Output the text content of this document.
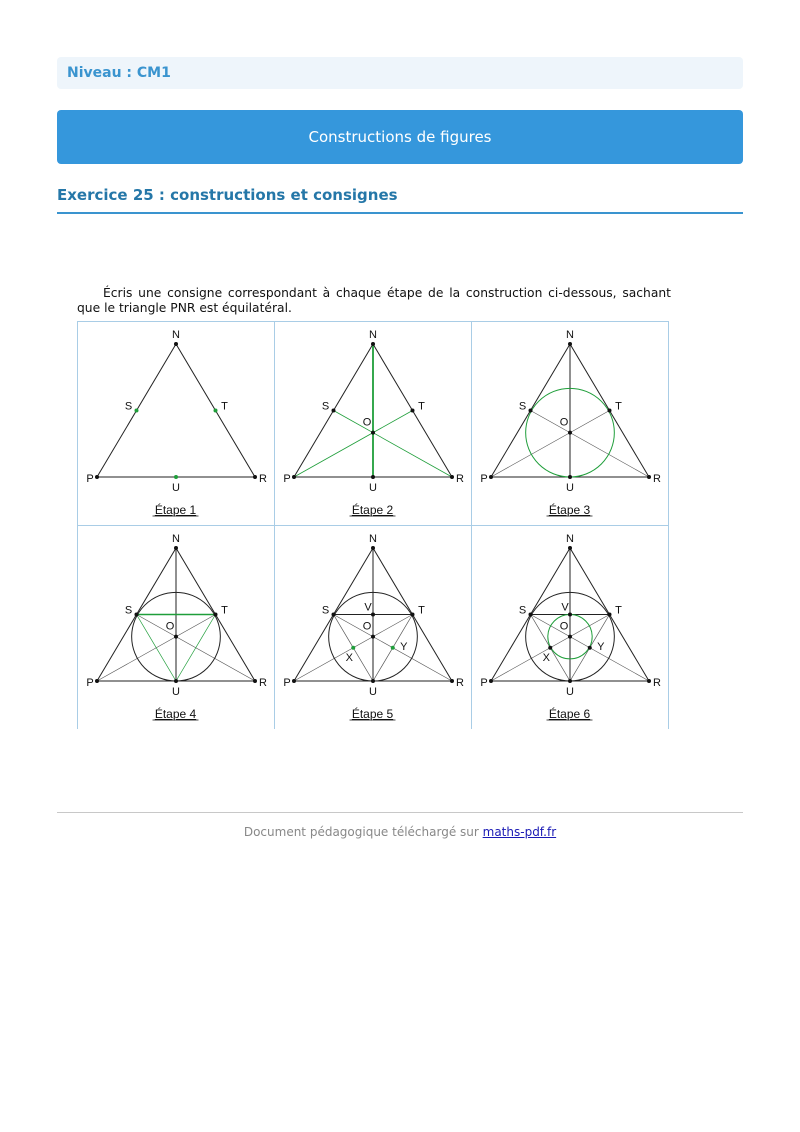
Niveau : CM1
Constructions de figures
Exercice 25 : constructions et consignes

Écris une consigne correspondant à chaque étape de la construction ci-dessous, sachant que le triangle PNR est équilatéral.

N
P	R
S	T
U
Étape 1
N
P	R
S	T
U
O
Étape 2
N
P	R
S	T
U
O
Étape 3
N
P	R
S	T
U
O
Étape 4
N
P	R
S	T
U
O
V
X
Y
Étape 5
N
P	R
S	T
U
O
V
X
Y
Étape 6
Document pédagogique téléchargé sur maths-pdf.fr
